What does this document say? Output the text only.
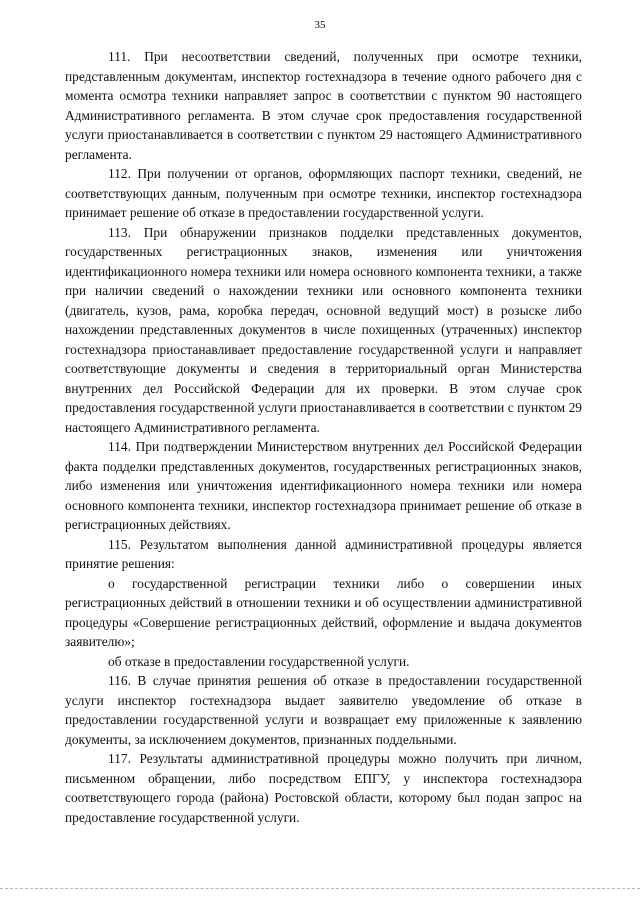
35

111. При несоответствии сведений, полученных при осмотре техники, представленным документам, инспектор гостехнадзора в течение одного рабочего дня с момента осмотра техники направляет запрос в соответствии с пунктом 90 настоящего Административного регламента. В этом случае срок предоставления государственной услуги приостанавливается в соответствии с пунктом 29 настоящего Административного регламента.

112. При получении от органов, оформляющих паспорт техники, сведений, не соответствующих данным, полученным при осмотре техники, инспектор гостехнадзора принимает решение об отказе в предоставлении государственной услуги.

113. При обнаружении признаков подделки представленных документов, государственных регистрационных знаков, изменения или уничтожения идентификационного номера техники или номера основного компонента техники, а также при наличии сведений о нахождении техники или основного компонента техники (двигатель, кузов, рама, коробка передач, основной ведущий мост) в розыске либо нахождении представленных документов в числе похищенных (утраченных) инспектор гостехнадзора приостанавливает предоставление государственной услуги и направляет соответствующие документы и сведения в территориальный орган Министерства внутренних дел Российской Федерации для их проверки. В этом случае срок предоставления государственной услуги приостанавливается в соответствии с пунктом 29 настоящего Административного регламента.

114. При подтверждении Министерством внутренних дел Российской Федерации факта подделки представленных документов, государственных регистрационных знаков, либо изменения или уничтожения идентификационного номера техники или номера основного компонента техники, инспектор гостехнадзора принимает решение об отказе в регистрационных действиях.

115. Результатом выполнения данной административной процедуры является принятие решения:

о государственной регистрации техники либо о совершении иных регистрационных действий в отношении техники и об осуществлении административной процедуры «Совершение регистрационных действий, оформление и выдача документов заявителю»;

об отказе в предоставлении государственной услуги.

116. В случае принятия решения об отказе в предоставлении государственной услуги инспектор гостехнадзора выдает заявителю уведомление об отказе в предоставлении государственной услуги и возвращает ему приложенные к заявлению документы, за исключением документов, признанных поддельными.

117. Результаты административной процедуры можно получить при личном, письменном обращении, либо посредством ЕПГУ, у инспектора гостехнадзора соответствующего города (района) Ростовской области, которому был подан запрос на предоставление государственной услуги.
